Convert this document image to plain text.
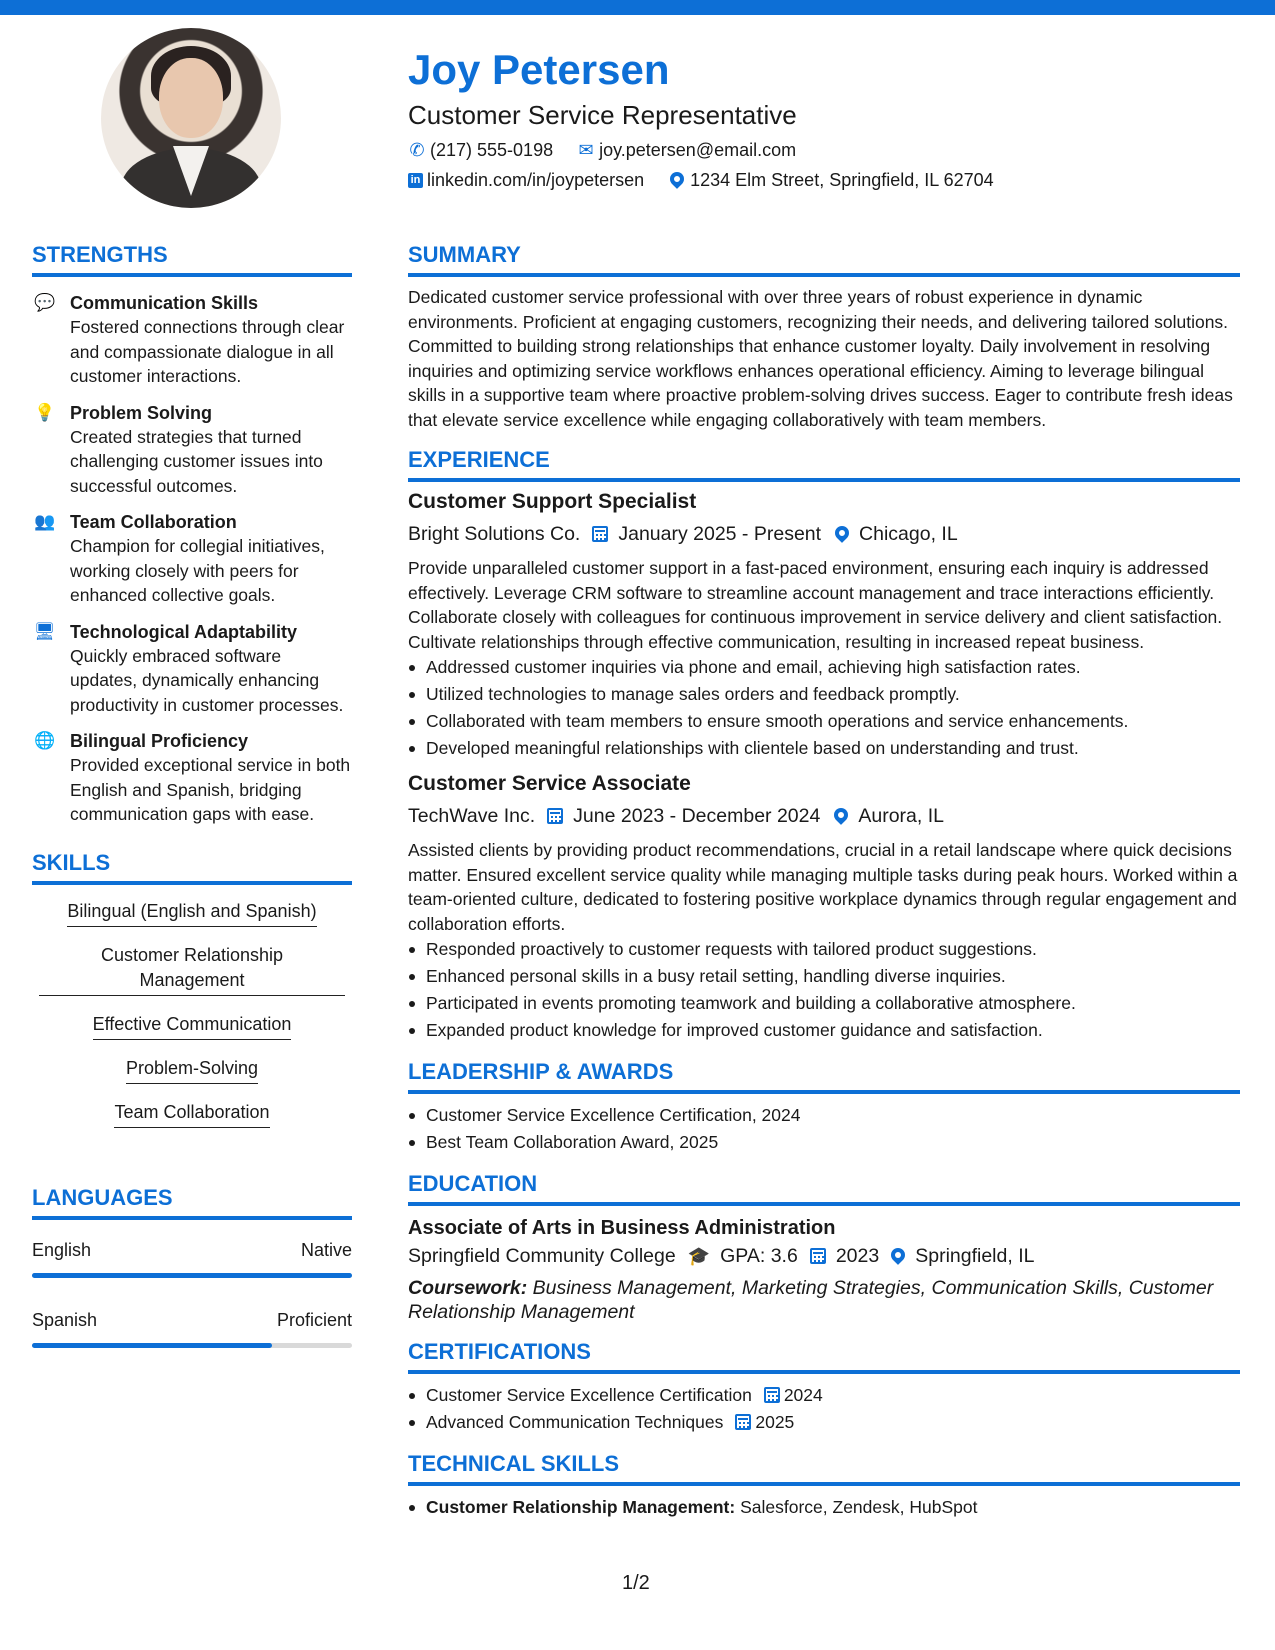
Joy Petersen
Customer Service Representative
✆ (217) 555-0198 ✉ joy.petersen@email.com
in linkedin.com/in/joypetersen	1234 Elm Street, Springfield, IL 62704
STRENGTHS
💬 Communication Skills
Fostered connections through clear and compassionate dialogue in all customer interactions.
💡 Problem Solving
Created strategies that turned challenging customer issues into successful outcomes.
👥 Team Collaboration
Champion for collegial initiatives, working closely with peers for enhanced collective goals.
🖥 Technological Adaptability
Quickly embraced software updates, dynamically enhancing productivity in customer processes.
🌐 Bilingual Proficiency
Provided exceptional service in both English and Spanish, bridging communication gaps with ease.
SKILLS
Bilingual (English and Spanish)
Customer Relationship Management
Effective Communication
Problem-Solving
Team Collaboration
LANGUAGES
English	Native
Spanish	Proficient
SUMMARY
Dedicated customer service professional with over three years of robust experience in dynamic environments. Proficient at engaging customers, recognizing their needs, and delivering tailored solutions. Committed to building strong relationships that enhance customer loyalty. Daily involvement in resolving inquiries and optimizing service workflows enhances operational efficiency. Aiming to leverage bilingual skills in a supportive team where proactive problem-solving drives success. Eager to contribute fresh ideas that elevate service excellence while engaging collaboratively with team members.
EXPERIENCE
Customer Support Specialist
Bright Solutions Co. January 2025 - Present Chicago, IL
Provide unparalleled customer support in a fast-paced environment, ensuring each inquiry is addressed effectively. Leverage CRM software to streamline account management and trace interactions efficiently. Collaborate closely with colleagues for continuous improvement in service delivery and client satisfaction. Cultivate relationships through effective communication, resulting in increased repeat business.
Addressed customer inquiries via phone and email, achieving high satisfaction rates.
Utilized technologies to manage sales orders and feedback promptly.
Collaborated with team members to ensure smooth operations and service enhancements.
Developed meaningful relationships with clientele based on understanding and trust.
Customer Service Associate
TechWave Inc. June 2023 - December 2024 Aurora, IL
Assisted clients by providing product recommendations, crucial in a retail landscape where quick decisions matter. Ensured excellent service quality while managing multiple tasks during peak hours. Worked within a team-oriented culture, dedicated to fostering positive workplace dynamics through regular engagement and collaboration efforts.
Responded proactively to customer requests with tailored product suggestions.
Enhanced personal skills in a busy retail setting, handling diverse inquiries.
Participated in events promoting teamwork and building a collaborative atmosphere.
Expanded product knowledge for improved customer guidance and satisfaction.
LEADERSHIP & AWARDS
Customer Service Excellence Certification, 2024
Best Team Collaboration Award, 2025
EDUCATION
Associate of Arts in Business Administration
Springfield Community College 🎓 GPA: 3.6 2023 Springfield, IL
Coursework: Business Management, Marketing Strategies, Communication Skills, Customer Relationship Management
CERTIFICATIONS
Customer Service Excellence Certification 2024
Advanced Communication Techniques 2025
TECHNICAL SKILLS
Customer Relationship Management: Salesforce, Zendesk, HubSpot
1/2
